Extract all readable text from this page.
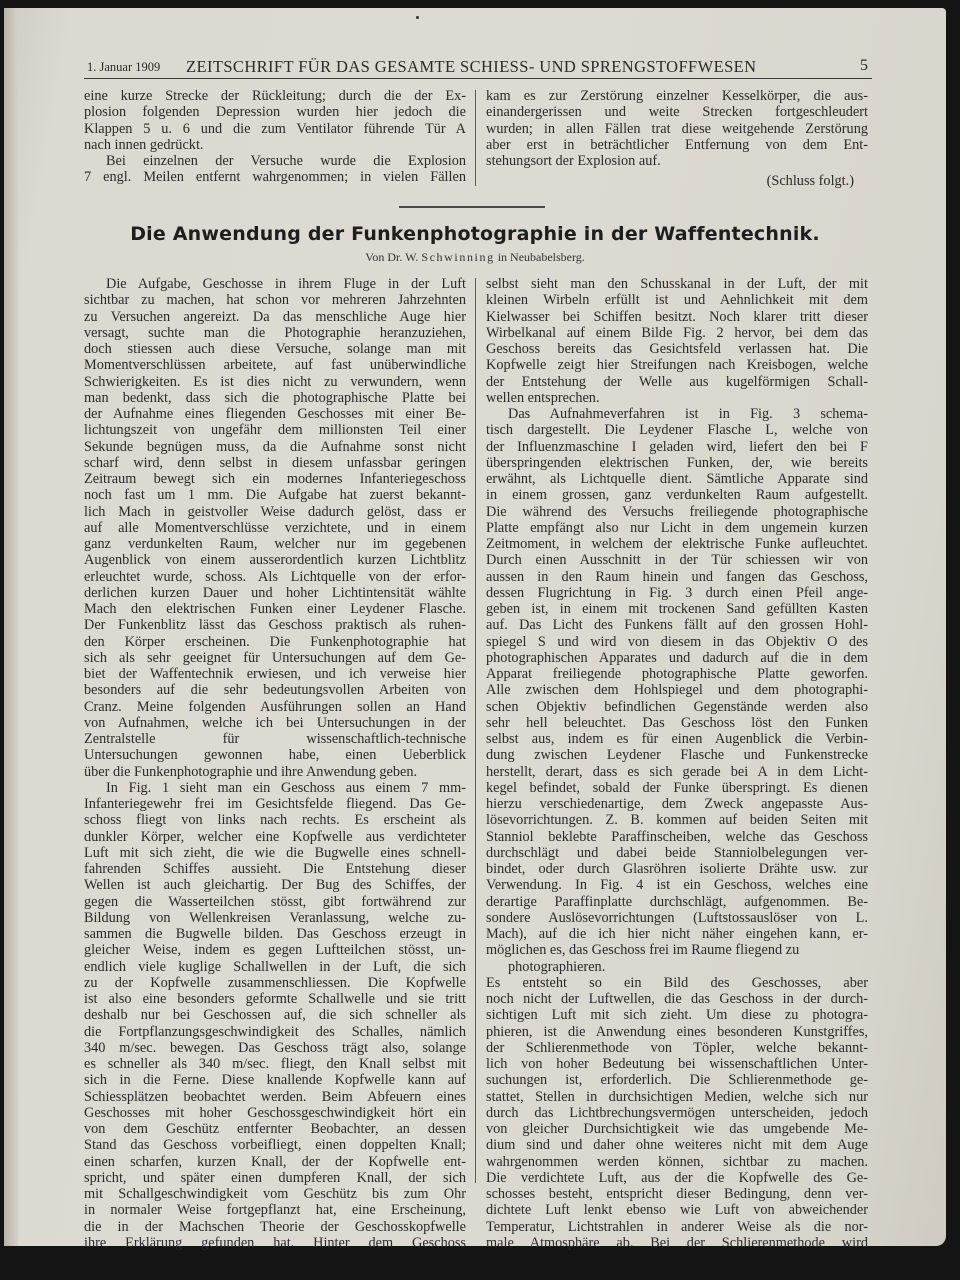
1. Januar 1909 ZEITSCHRIFT FÜR DAS GESAMTE SCHIESS- UND SPRENGSTOFFWESEN	5
eine kurze Strecke der Rückleitung; durch die der Ex-
plosion folgenden Depression wurden hier jedoch die
Klappen 5 u. 6 und die zum Ventilator führende Tür A
nach innen gedrückt.
Bei einzelnen der Versuche wurde die Explosion
7 engl. Meilen entfernt wahrgenommen; in vielen Fällen
kam es zur Zerstörung einzelner Kesselkörper, die aus-
einandergerissen und weite Strecken fortgeschleudert
wurden; in allen Fällen trat diese weitgehende Zerstörung
aber erst in beträchtlicher Entfernung von dem Ent-
stehungsort der Explosion auf.
(Schluss folgt.)
Die Anwendung der Funkenphotographie in der Waffentechnik.
Von Dr. W. Schwinning in Neubabelsberg.
Die Aufgabe, Geschosse in ihrem Fluge in der Luft
sichtbar zu machen, hat schon vor mehreren Jahrzehnten
zu Versuchen angereizt. Da das menschliche Auge hier
versagt, suchte man die Photographie heranzuziehen,
doch stiessen auch diese Versuche, solange man mit
Momentverschlüssen arbeitete, auf fast unüberwindliche
Schwierigkeiten. Es ist dies nicht zu verwundern, wenn
man bedenkt, dass sich die photographische Platte bei
der Aufnahme eines fliegenden Geschosses mit einer Be-
lichtungszeit von ungefähr dem millionsten Teil einer
Sekunde begnügen muss, da die Aufnahme sonst nicht
scharf wird, denn selbst in diesem unfassbar geringen
Zeitraum bewegt sich ein modernes Infanteriegeschoss
noch fast um 1 mm. Die Aufgabe hat zuerst bekannt-
lich Mach in geistvoller Weise dadurch gelöst, dass er
auf alle Momentverschlüsse verzichtete, und in einem
ganz verdunkelten Raum, welcher nur im gegebenen
Augenblick von einem ausserordentlich kurzen Lichtblitz
erleuchtet wurde, schoss. Als Lichtquelle von der erfor-
derlichen kurzen Dauer und hoher Lichtintensität wählte
Mach den elektrischen Funken einer Leydener Flasche.
Der Funkenblitz lässt das Geschoss praktisch als ruhen-
den Körper erscheinen. Die Funkenphotographie hat
sich als sehr geeignet für Untersuchungen auf dem Ge-
biet der Waffentechnik erwiesen, und ich verweise hier
besonders auf die sehr bedeutungsvollen Arbeiten von
Cranz. Meine folgenden Ausführungen sollen an Hand
von Aufnahmen, welche ich bei Untersuchungen in der
Zentralstelle für wissenschaftlich-technische
Untersuchungen gewonnen habe, einen Ueberblick
über die Funkenphotographie und ihre Anwendung geben.
In Fig. 1 sieht man ein Geschoss aus einem 7 mm-
Infanteriegewehr frei im Gesichtsfelde fliegend. Das Ge-
schoss fliegt von links nach rechts. Es erscheint als
dunkler Körper, welcher eine Kopfwelle aus verdichteter
Luft mit sich zieht, die wie die Bugwelle eines schnell-
fahrenden Schiffes aussieht. Die Entstehung dieser
Wellen ist auch gleichartig. Der Bug des Schiffes, der
gegen die Wasserteilchen stösst, gibt fortwährend zur
Bildung von Wellenkreisen Veranlassung, welche zu-
sammen die Bugwelle bilden. Das Geschoss erzeugt in
gleicher Weise, indem es gegen Luftteilchen stösst, un-
endlich viele kuglige Schallwellen in der Luft, die sich
zu der Kopfwelle zusammenschliessen. Die Kopfwelle
ist also eine besonders geformte Schallwelle und sie tritt
deshalb nur bei Geschossen auf, die sich schneller als
die Fortpflanzungsgeschwindigkeit des Schalles, nämlich
340 m/sec. bewegen. Das Geschoss trägt also, solange
es schneller als 340 m/sec. fliegt, den Knall selbst mit
sich in die Ferne. Diese knallende Kopfwelle kann auf
Schiessplätzen beobachtet werden. Beim Abfeuern eines
Geschosses mit hoher Geschossgeschwindigkeit hört ein
von dem Geschütz entfernter Beobachter, an dessen
Stand das Geschoss vorbeifliegt, einen doppelten Knall;
einen scharfen, kurzen Knall, der der Kopfwelle ent-
spricht, und später einen dumpferen Knall, der sich
mit Schallgeschwindigkeit vom Geschütz bis zum Ohr
in normaler Weise fortgepflanzt hat, eine Erscheinung,
die in der Machschen Theorie der Geschosskopfwelle
ihre Erklärung gefunden hat. Hinter dem Geschoss
selbst sieht man den Schusskanal in der Luft, der mit
kleinen Wirbeln erfüllt ist und Aehnlichkeit mit dem
Kielwasser bei Schiffen besitzt. Noch klarer tritt dieser
Wirbelkanal auf einem Bilde Fig. 2 hervor, bei dem das
Geschoss bereits das Gesichtsfeld verlassen hat. Die
Kopfwelle zeigt hier Streifungen nach Kreisbogen, welche
der Entstehung der Welle aus kugelförmigen Schall-
wellen entsprechen.
Das Aufnahmeverfahren ist in Fig. 3 schema-
tisch dargestellt. Die Leydener Flasche L, welche von
der Influenzmaschine I geladen wird, liefert den bei F
überspringenden elektrischen Funken, der, wie bereits
erwähnt, als Lichtquelle dient. Sämtliche Apparate sind
in einem grossen, ganz verdunkelten Raum aufgestellt.
Die während des Versuchs freiliegende photographische
Platte empfängt also nur Licht in dem ungemein kurzen
Zeitmoment, in welchem der elektrische Funke aufleuchtet.
Durch einen Ausschnitt in der Tür schiessen wir von
aussen in den Raum hinein und fangen das Geschoss,
dessen Flugrichtung in Fig. 3 durch einen Pfeil ange-
geben ist, in einem mit trockenen Sand gefüllten Kasten
auf. Das Licht des Funkens fällt auf den grossen Hohl-
spiegel S und wird von diesem in das Objektiv O des
photographischen Apparates und dadurch auf die in dem
Apparat freiliegende photographische Platte geworfen.
Alle zwischen dem Hohlspiegel und dem photographi-
schen Objektiv befindlichen Gegenstände werden also
sehr hell beleuchtet. Das Geschoss löst den Funken
selbst aus, indem es für einen Augenblick die Verbin-
dung zwischen Leydener Flasche und Funkenstrecke
herstellt, derart, dass es sich gerade bei A in dem Licht-
kegel befindet, sobald der Funke überspringt. Es dienen
hierzu verschiedenartige, dem Zweck angepasste Aus-
lösevorrichtungen. Z. B. kommen auf beiden Seiten mit
Stanniol beklebte Paraffinscheiben, welche das Geschoss
durchschlägt und dabei beide Stanniolbelegungen ver-
bindet, oder durch Glasröhren isolierte Drähte usw. zur
Verwendung. In Fig. 4 ist ein Geschoss, welches eine
derartige Paraffinplatte durchschlägt, aufgenommen. Be-
sondere Auslösevorrichtungen (Luftstossauslöser von L.
Mach), auf die ich hier nicht näher eingehen kann, er-
möglichen es, das Geschoss frei im Raume fliegend zu
photographieren.
Es entsteht so ein Bild des Geschosses, aber
noch nicht der Luftwellen, die das Geschoss in der durch-
sichtigen Luft mit sich zieht. Um diese zu photogra-
phieren, ist die Anwendung eines besonderen Kunstgriffes,
der Schlierenmethode von Töpler, welche bekannt-
lich von hoher Bedeutung bei wissenschaftlichen Unter-
suchungen ist, erforderlich. Die Schlierenmethode ge-
stattet, Stellen in durchsichtigen Medien, welche sich nur
durch das Lichtbrechungsvermögen unterscheiden, jedoch
von gleicher Durchsichtigkeit wie das umgebende Me-
dium sind und daher ohne weiteres nicht mit dem Auge
wahrgenommen werden können, sichtbar zu machen.
Die verdichtete Luft, aus der die Kopfwelle des Ge-
schosses besteht, entspricht dieser Bedingung, denn ver-
dichtete Luft lenkt ebenso wie Luft von abweichender
Temperatur, Lichtstrahlen in anderer Weise als die nor-
male Atmosphäre ab. Bei der Schlierenmethode wird
